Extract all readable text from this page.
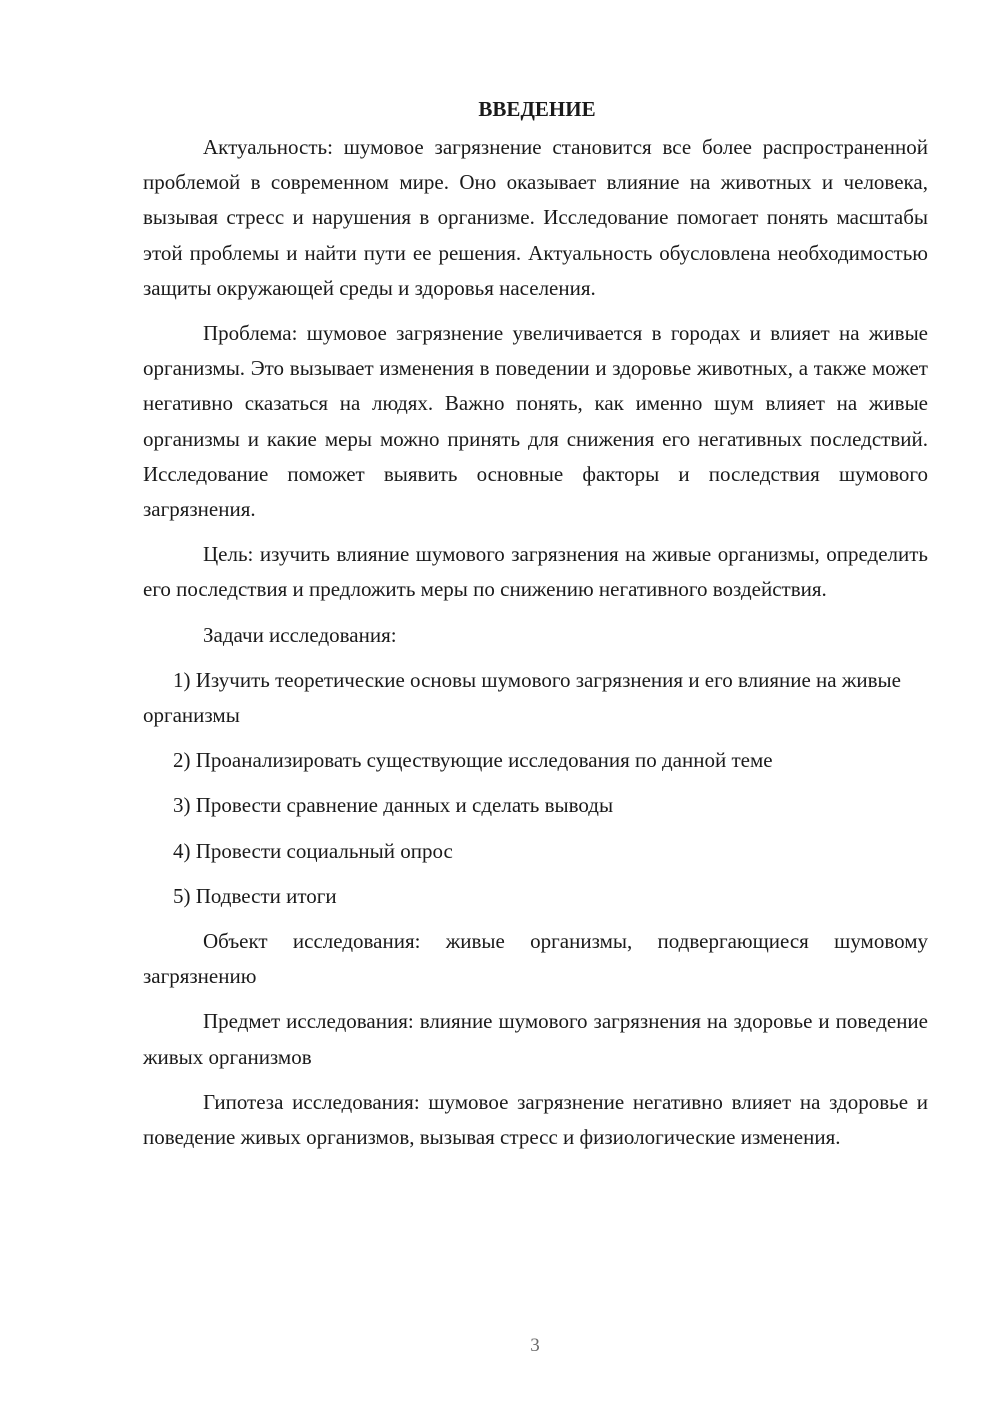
ВВЕДЕНИЕ

Актуальность: шумовое загрязнение становится все более распространенной проблемой в современном мире. Оно оказывает влияние на животных и человека, вызывая стресс и нарушения в организме. Исследование помогает понять масштабы этой проблемы и найти пути ее решения. Актуальность обусловлена необходимостью защиты окружающей среды и здоровья населения.

Проблема: шумовое загрязнение увеличивается в городах и влияет на живые организмы. Это вызывает изменения в поведении и здоровье животных, а также может негативно сказаться на людях. Важно понять, как именно шум влияет на живые организмы и какие меры можно принять для снижения его негативных последствий. Исследование поможет выявить основные факторы и последствия шумового загрязнения.

Цель: изучить влияние шумового загрязнения на живые организмы, определить его последствия и предложить меры по снижению негативного воздействия.

Задачи исследования:

1) Изучить теоретические основы шумового загрязнения и его влияние на живые организмы

2) Проанализировать существующие исследования по данной теме

3) Провести сравнение данных и сделать выводы

4) Провести социальный опрос

5) Подвести итоги

Объект исследования: живые организмы, подвергающиеся шумовому загрязнению

Предмет исследования: влияние шумового загрязнения на здоровье и поведение живых организмов

Гипотеза исследования: шумовое загрязнение негативно влияет на здоровье и поведение живых организмов, вызывая стресс и физиологические изменения.

3
